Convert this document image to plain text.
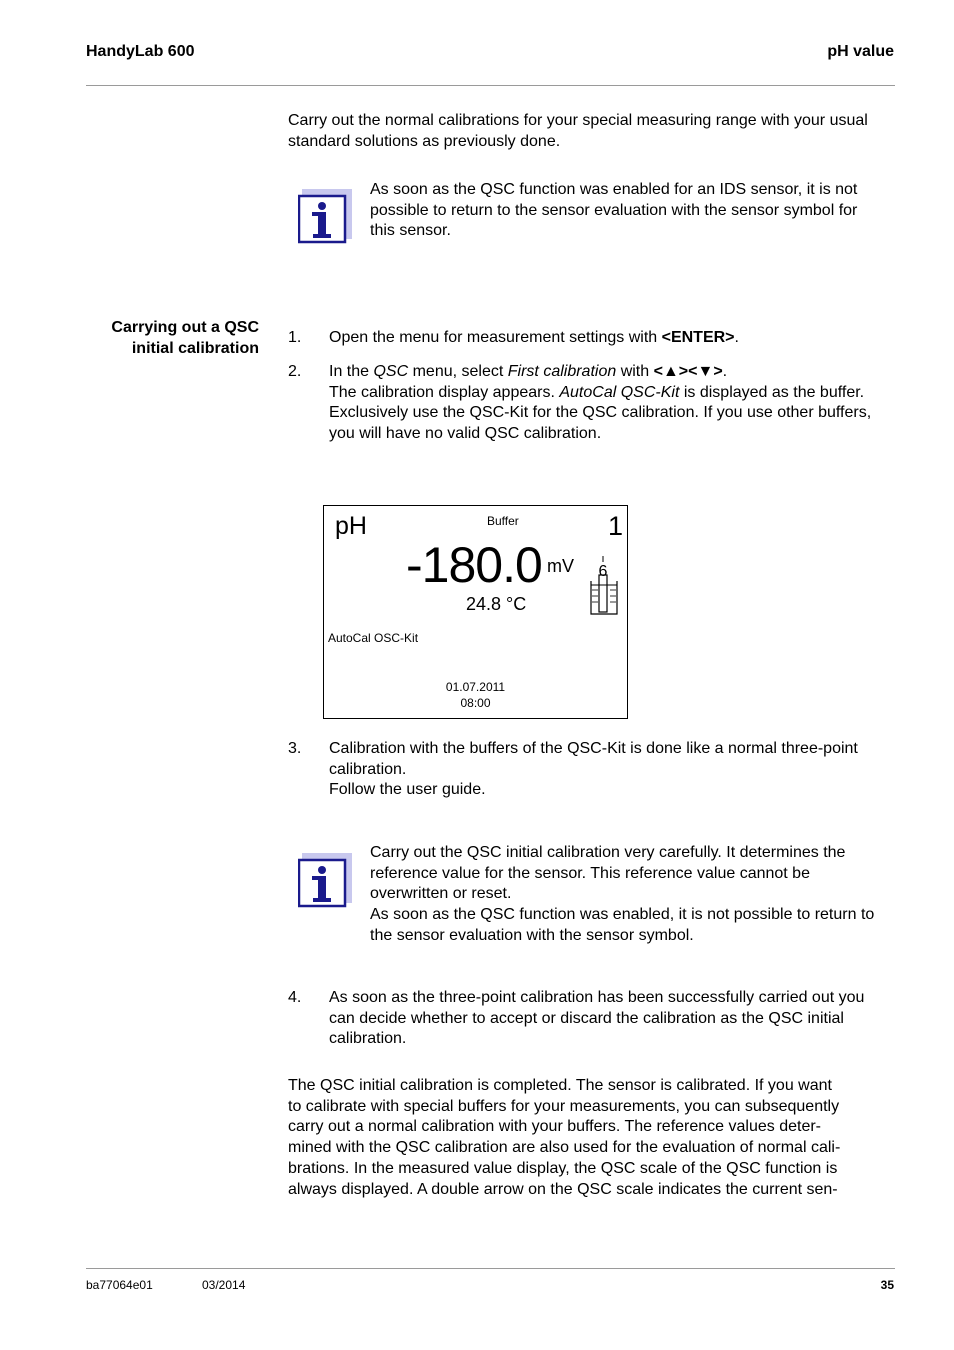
HandyLab 600	pH value
Carry out the normal calibrations for your special measuring range with your usual standard solutions as previously done.
As soon as the QSC function was enabled for an IDS sensor, it is not possible to return to the sensor evaluation with the sensor symbol for this sensor.
Carrying out a QSC
initial calibration
1. Open the menu for measurement settings with <ENTER>.
2. In the QSC menu, select First calibration with <▲><▼>.
The calibration display appears. AutoCal QSC-Kit is displayed as the buffer.
Exclusively use the QSC-Kit for the QSC calibration. If you use other buffers, you will have no valid QSC calibration.
pH	Buffer	1
-180.0 mV
24.8 °C
6
AutoCal OSC-Kit
01.07.2011
08:00
3. Calibration with the buffers of the QSC-Kit is done like a normal three-point calibration.
Follow the user guide.
Carry out the QSC initial calibration very carefully. It determines the reference value for the sensor. This reference value cannot be overwritten or reset.
As soon as the QSC function was enabled, it is not possible to return to the sensor evaluation with the sensor symbol.
4. As soon as the three-point calibration has been successfully carried out you can decide whether to accept or discard the calibration as the QSC initial calibration.
The QSC initial calibration is completed. The sensor is calibrated. If you want
to calibrate with special buffers for your measurements, you can subsequently
carry out a normal calibration with your buffers. The reference values deter-
mined with the QSC calibration are also used for the evaluation of normal cali-
brations. In the measured value display, the QSC scale of the QSC function is
always displayed. A double arrow on the QSC scale indicates the current sen-
ba77064e01	03/2014	35
